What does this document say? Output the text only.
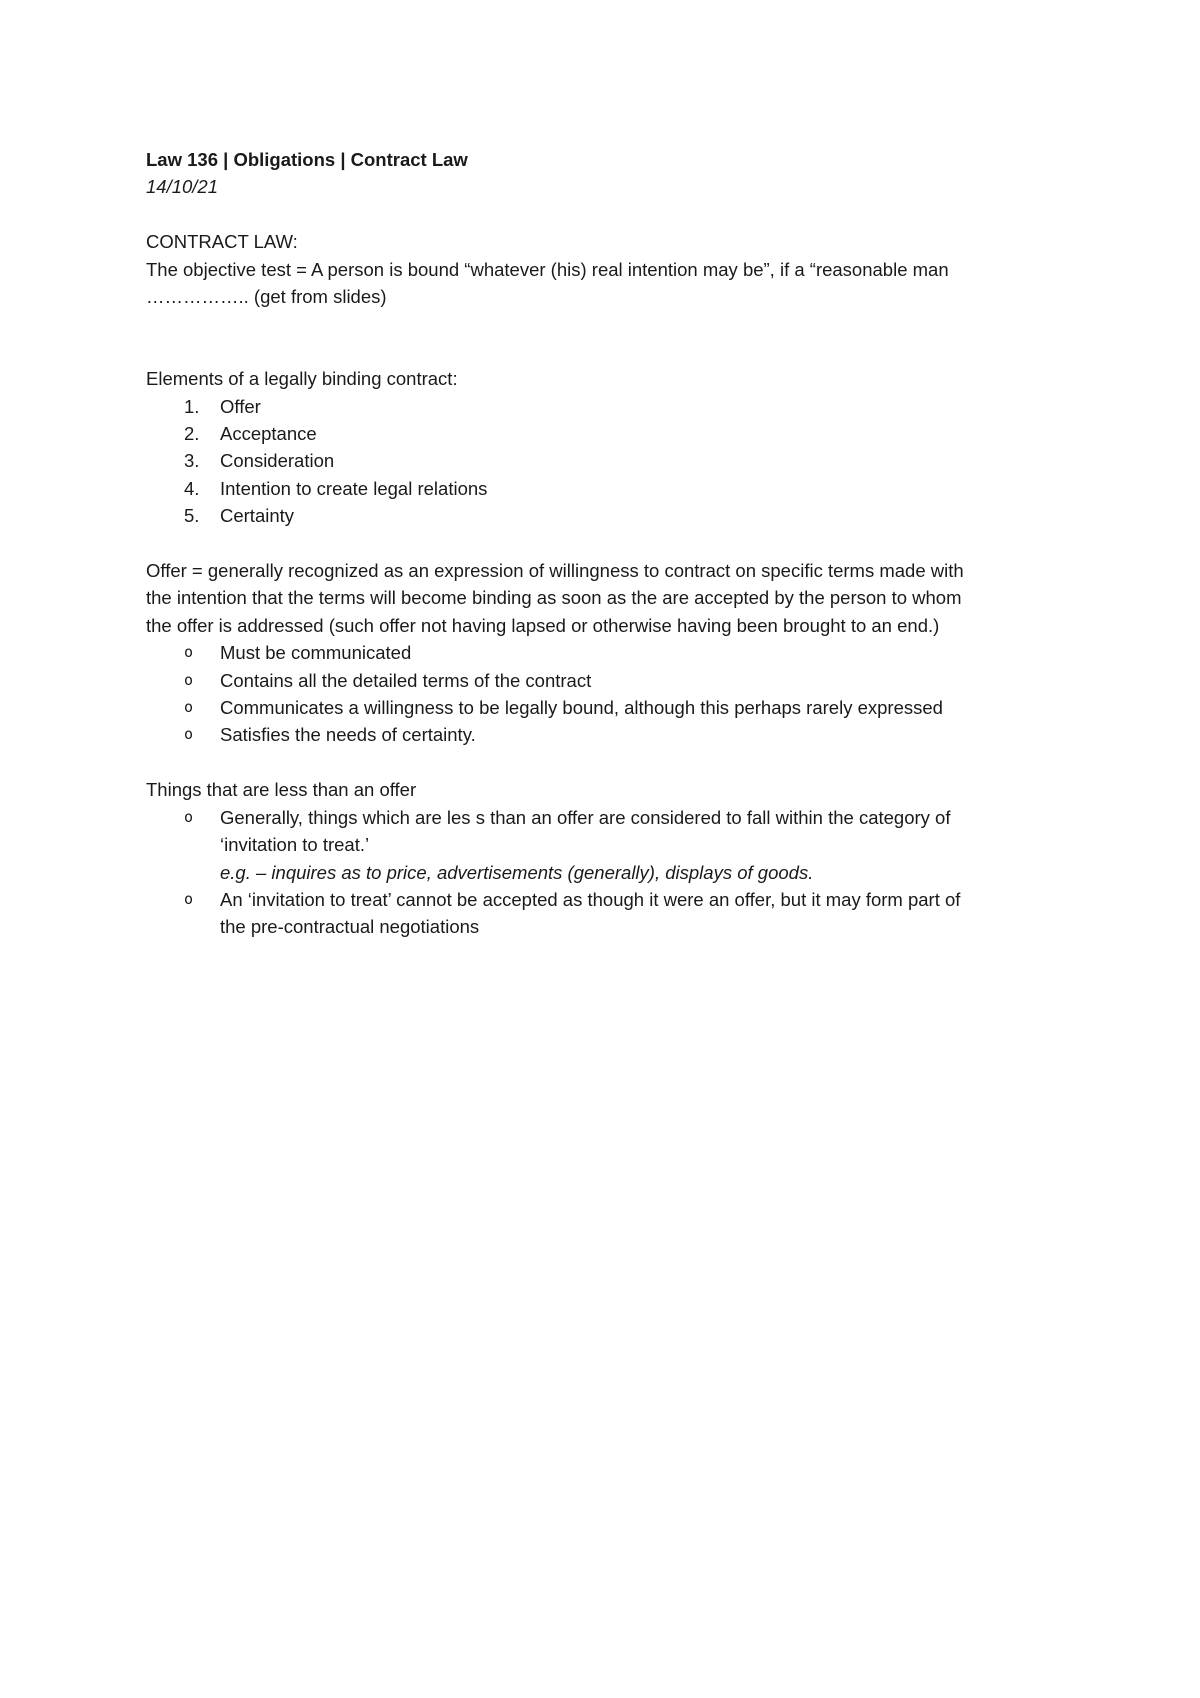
Law 136 | Obligations | Contract Law
14/10/21
CONTRACT LAW:
The objective test = A person is bound “whatever (his) real intention may be”, if a “reasonable man
…………….. (get from slides)
Elements of a legally binding contract:
1. Offer
2. Acceptance
3. Consideration
4. Intention to create legal relations
5. Certainty
Offer = generally recognized as an expression of willingness to contract on specific terms made with
the intention that the terms will become binding as soon as the are accepted by the person to whom
the offer is addressed (such offer not having lapsed or otherwise having been brought to an end.)
o Must be communicated
o Contains all the detailed terms of the contract
o Communicates a willingness to be legally bound, although this perhaps rarely expressed
o Satisfies the needs of certainty.
Things that are less than an offer
o Generally, things which are les s than an offer are considered to fall within the category of
‘invitation to treat.’
e.g. – inquires as to price, advertisements (generally), displays of goods.
o An ‘invitation to treat’ cannot be accepted as though it were an offer, but it may form part of
the pre-contractual negotiations
